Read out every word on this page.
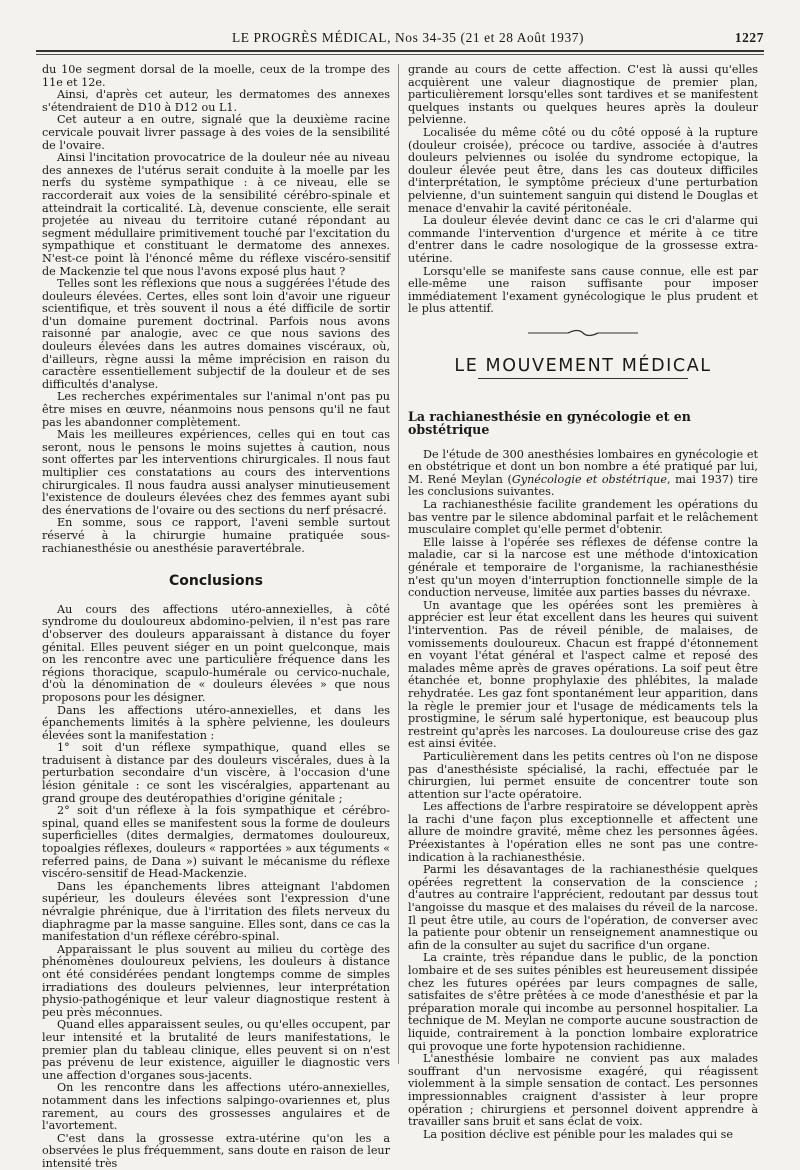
LE PROGRÈS MÉDICAL, Nos 34-35 (21 et 28 Août 1937)	1227

du 10e segment dorsal de la moelle, ceux de la trompe des 11e et 12e.

Ainsi, d'après cet auteur, les dermatomes des annexes s'étendraient de D10 à D12 ou L1.

Cet auteur a en outre, signalé que la deuxième racine cervicale pouvait livrer passage à des voies de la sensibilité de l'ovaire.

Ainsi l'incitation provocatrice de la douleur née au niveau des annexes de l'utérus serait conduite à la moelle par les nerfs du système sympathique : à ce niveau, elle se raccorderait aux voies de la sensibilité cérébro-spinale et atteindrait la corticalité. Là, devenue consciente, elle serait projetée au niveau du territoire cutané répondant au segment médullaire primitivement touché par l'excitation du sympathique et constituant le dermatome des annexes. N'est-ce point là l'énoncé même du réflexe viscéro-sensitif de Mackenzie tel que nous l'avons exposé plus haut ?

Telles sont les réflexions que nous a suggérées l'étude des douleurs élevées. Certes, elles sont loin d'avoir une rigueur scientifique, et très souvent il nous a été difficile de sortir d'un domaine purement doctrinal. Parfois nous avons raisonné par analogie, avec ce que nous savions des douleurs élevées dans les autres domaines viscéraux, où, d'ailleurs, règne aussi la même imprécision en raison du caractère essentiellement subjectif de la douleur et de ses difficultés d'analyse.

Les recherches expérimentales sur l'animal n'ont pas pu être mises en œuvre, néanmoins nous pensons qu'il ne faut pas les abandonner complètement.

Mais les meilleures expériences, celles qui en tout cas seront, nous le pensons le moins sujettes à caution, nous sont offertes par les interventions chirurgicales. Il nous faut multiplier ces constatations au cours des interventions chirurgicales. Il nous faudra aussi analyser minutieusement l'existence de douleurs élevées chez des femmes ayant subi des énervations de l'ovaire ou des sections du nerf présacré.

En somme, sous ce rapport, l'aveni semble surtout réservé à la chirurgie humaine pratiquée sous-rachianesthésie ou anesthésie paravertébrale.

Conclusions

Au cours des affections utéro-annexielles, à côté syndrome du douloureux abdomino-pelvien, il n'est pas rare d'observer des douleurs apparaissant à distance du foyer génital. Elles peuvent siéger en un point quelconque, mais on les rencontre avec une particulière fréquence dans les régions thoracique, scapulo-humérale ou cervico-nuchale, d'où la dénomination de « douleurs élevées » que nous proposons pour les désigner.

Dans les affections utéro-annexielles, et dans les épanchements limités à la sphère pelvienne, les douleurs élevées sont la manifestation :

1° soit d'un réflexe sympathique, quand elles se traduisent à distance par des douleurs viscérales, dues à la perturbation secondaire d'un viscère, à l'occasion d'une lésion génitale : ce sont les viscéralgies, appartenant au grand groupe des deutéropathies d'origine génitale ;

2° soit d'un réflexe à la fois sympathique et cérébro-spinal, quand elles se manifestent sous la forme de douleurs superficielles (dites dermalgies, dermatomes douloureux, topoalgies réflexes, douleurs « rapportées » aux téguments « referred pains, de Dana ») suivant le mécanisme du réflexe viscéro-sensitif de Head-Mackenzie.

Dans les épanchements libres atteignant l'abdomen supérieur, les douleurs élevées sont l'expression d'une névralgie phrénique, due à l'irritation des filets nerveux du diaphragme par la masse sanguine. Elles sont, dans ce cas la manifestation d'un réflexe cérébro-spinal.

Apparaissant le plus souvent au milieu du cortège des phénomènes douloureux pelviens, les douleurs à distance ont été considérées pendant longtemps comme de simples irradiations des douleurs pelviennes, leur interprétation physio-pathogénique et leur valeur diagnostique restent à peu près méconnues.

Quand elles apparaissent seules, ou qu'elles occupent, par leur intensité et la brutalité de leurs manifestations, le premier plan du tableau clinique, elles peuvent si on n'est pas prévenu de leur existence, aiguiller le diagnostic vers une affection d'organes sous-jacents.

On les rencontre dans les affections utéro-annexielles, notamment dans les infections salpingo-ovariennes et, plus rarement, au cours des grossesses angulaires et de l'avortement.

C'est dans la grossesse extra-utérine qu'on les a observées le plus fréquemment, sans doute en raison de leur intensité très

grande au cours de cette affection. C'est là aussi qu'elles acquièrent une valeur diagnostique de premier plan, particulièrement lorsqu'elles sont tardives et se manifestent quelques instants ou quelques heures après la douleur pelvienne.

Localisée du même côté ou du côté opposé à la rupture (douleur croisée), précoce ou tardive, associée à d'autres douleurs pelviennes ou isolée du syndrome ectopique, la douleur élevée peut être, dans les cas douteux difficiles d'interprétation, le symptôme précieux d'une perturbation pelvienne, d'un suintement sanguin qui distend le Douglas et menace d'envahir la cavité péritonéale.

La douleur élevée devint danc ce cas le cri d'alarme qui commande l'intervention d'urgence et mérite à ce titre d'entrer dans le cadre nosologique de la grossesse extra-utérine.

Lorsqu'elle se manifeste sans cause connue, elle est par elle-même une raison suffisante pour imposer immédiatement l'exament gynécologique le plus prudent et le plus attentif.

LE MOUVEMENT MÉDICAL
La rachianesthésie en gynécologie et en obstétrique

De l'étude de 300 anesthésies lombaires en gynécologie et en obstétrique et dont un bon nombre a été pratiqué par lui, M. René Meylan (Gynécologie et obstétrique, mai 1937) tire les conclusions suivantes.

La rachianesthésie facilite grandement les opérations du bas ventre par le silence abdominal parfait et le relâchement musculaire complet qu'elle permet d'obtenir.

Elle laisse à l'opérée ses réflexes de défense contre la maladie, car si la narcose est une méthode d'intoxication générale et temporaire de l'organisme, la rachianesthésie n'est qu'un moyen d'interruption fonctionnelle simple de la conduction nerveuse, limitée aux parties basses du névraxe.

Un avantage que les opérées sont les premières à apprécier est leur état excellent dans les heures qui suivent l'intervention. Pas de réveil pénible, de malaises, de vomissements douloureux. Chacun est frappé d'étonnement en voyant l'état général et l'aspect calme et reposé des malades même après de graves opérations. La soif peut être étanchée et, bonne prophylaxie des phlébites, la malade rehydratée. Les gaz font spontanément leur apparition, dans la règle le premier jour et l'usage de médicaments tels la prostigmine, le sérum salé hypertonique, est beaucoup plus restreint qu'après les narcoses. La douloureuse crise des gaz est ainsi évitée.

Particulièrement dans les petits centres où l'on ne dispose pas d'anesthésiste spécialisé, la rachi, effectuée par le chirurgien, lui permet ensuite de concentrer toute son attention sur l'acte opératoire.

Les affections de l'arbre respiratoire se développent après la rachi d'une façon plus exceptionnelle et affectent une allure de moindre gravité, même chez les personnes âgées. Préexistantes à l'opération elles ne sont pas une contre-indication à la rachianesthésie.

Parmi les désavantages de la rachianesthésie quelques opérées regrettent la conservation de la conscience ; d'autres au contraire l'apprécient, redoutant par dessus tout l'angoisse du masque et des malaises du réveil de la narcose. Il peut être utile, au cours de l'opération, de converser avec la patiente pour obtenir un renseignement anamnestique ou afin de la consulter au sujet du sacrifice d'un organe.

La crainte, très répandue dans le public, de la ponction lombaire et de ses suites pénibles est heureusement dissipée chez les futures opérées par leurs compagnes de salle, satisfaites de s'être prêtées à ce mode d'anesthésie et par la préparation morale qui incombe au personnel hospitalier. La technique de M. Meylan ne comporte aucune soustraction de liquide, contrairement à la ponction lombaire exploratrice qui provoque une forte hypotension rachidienne.

L'anesthésie lombaire ne convient pas aux malades souffrant d'un nervosisme exagéré, qui réagissent violemment à la simple sensation de contact. Les personnes impressionnables craignent d'assister à leur propre opération ; chirurgiens et personnel doivent apprendre à travailler sans bruit et sans éclat de voix.

La position déclive est pénible pour les malades qui se
